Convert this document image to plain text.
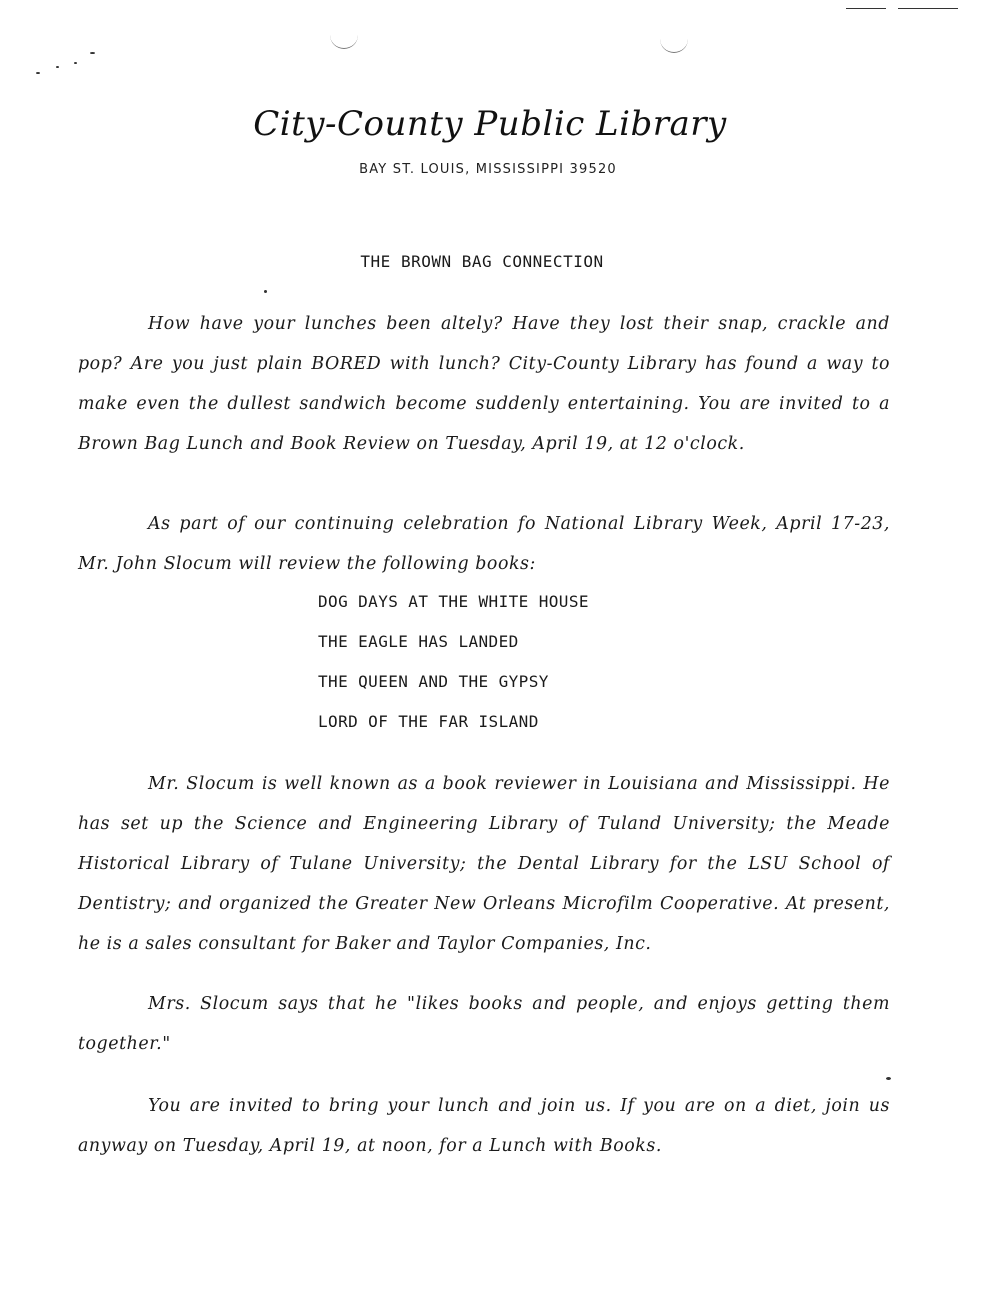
City-County Public Library
BAY ST. LOUIS, MISSISSIPPI 39520
THE BROWN BAG CONNECTION

How have your lunches been altely? Have they lost their snap, crackle and pop? Are you just plain BORED with lunch? City-County Library has found a way to make even the dullest sandwich become suddenly entertaining. You are invited to a Brown Bag Lunch and Book Review on Tuesday, April 19, at 12 o'clock.

As part of our continuing celebration fo National Library Week, April 17-23, Mr. John Slocum will review the following books:

DOG DAYS AT THE WHITE HOUSE
THE EAGLE HAS LANDED
THE QUEEN AND THE GYPSY
LORD OF THE FAR ISLAND

Mr. Slocum is well known as a book reviewer in Louisiana and Mississippi. He has set up the Science and Engineering Library of Tuland University; the Meade Historical Library of Tulane University; the Dental Library for the LSU School of Dentistry; and organized the Greater New Orleans Microfilm Cooperative. At present, he is a sales consultant for Baker and Taylor Companies, Inc.

Mrs. Slocum says that he "likes books and people, and enjoys getting them together."

You are invited to bring your lunch and join us. If you are on a diet, join us anyway on Tuesday, April 19, at noon, for a Lunch with Books.
